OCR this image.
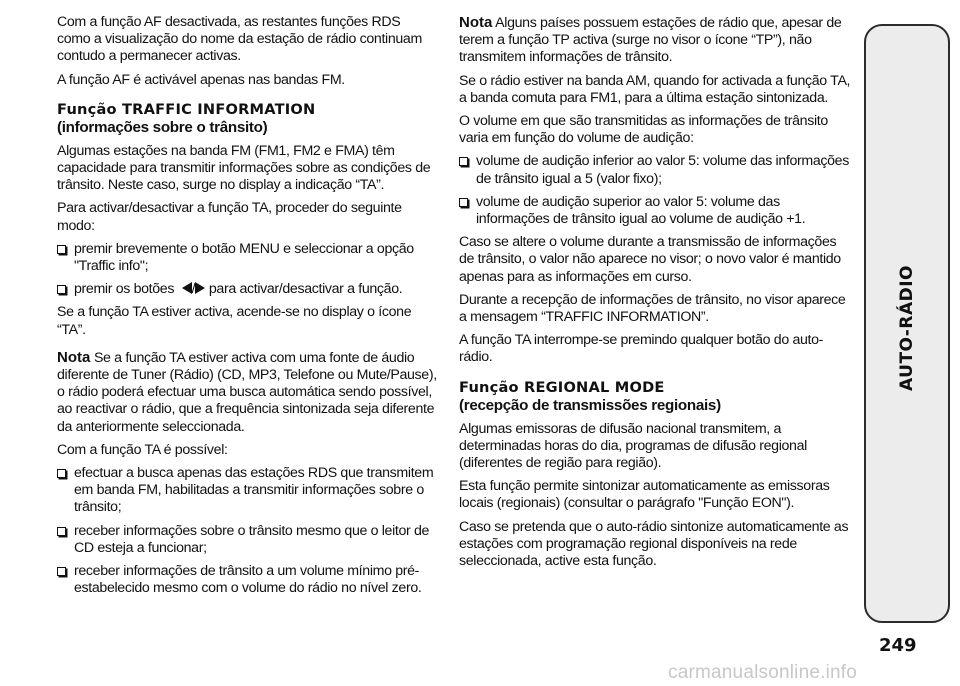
Com a função AF desactivada, as restantes funções RDS como a visualização do nome da estação de rádio continuam contudo a permanecer activas.

A função AF é activável apenas nas bandas FM.

Função TRAFFIC INFORMATION
(informações sobre o trânsito)

Algumas estações na banda FM (FM1, FM2 e FMA) têm capacidade para transmitir informações sobre as condições de trânsito. Neste caso, surge no display a indicação “TA”.

Para activar/desactivar a função TA, proceder do seguinte modo:

premir brevemente o botão MENU e seleccionar a opção "Traffic info";
premir os botões / para activar/desactivar a função.

Se a função TA estiver activa, acende-se no display o ícone “TA”.

Nota Se a função TA estiver activa com uma fonte de áudio diferente de Tuner (Rádio) (CD, MP3, Telefone ou Mute/Pause), o rádio poderá efectuar uma busca automática sendo possível, ao reactivar o rádio, que a frequência sintonizada seja diferente da anteriormente seleccionada.

Com a função TA é possível:

efectuar a busca apenas das estações RDS que transmitem em banda FM, habilitadas a transmitir informações sobre o trânsito;
receber informações sobre o trânsito mesmo que o leitor de CD esteja a funcionar;
receber informações de trânsito a um volume mínimo pré-estabelecido mesmo com o volume do rádio no nível zero.

Nota Alguns países possuem estações de rádio que, apesar de terem a função TP activa (surge no visor o ícone “TP”), não transmitem informações de trânsito.

Se o rádio estiver na banda AM, quando for activada a função TA, a banda comuta para FM1, para a última estação sintonizada.

O volume em que são transmitidas as informações de trânsito varia em função do volume de audição:

volume de audição inferior ao valor 5: volume das informações de trânsito igual a 5 (valor fixo);
volume de audição superior ao valor 5: volume das informações de trânsito igual ao volume de audição +1.

Caso se altere o volume durante a transmissão de informações de trânsito, o valor não aparece no visor; o novo valor é mantido apenas para as informações em curso.

Durante a recepção de informações de trânsito, no visor aparece a mensagem “TRAFFIC INFORMATION”.

A função TA interrompe-se premindo qualquer botão do auto-rádio.

Função REGIONAL MODE
(recepção de transmissões regionais)

Algumas emissoras de difusão nacional transmitem, a determinadas horas do dia, programas de difusão regional (diferentes de região para região).

Esta função permite sintonizar automaticamente as emissoras locais (regionais) (consultar o parágrafo "Função EON").

Caso se pretenda que o auto-rádio sintonize automaticamente as estações com programação regional disponíveis na rede seleccionada, active esta função.

AUTO-RÁDIO
249
carmanualsonline.info
